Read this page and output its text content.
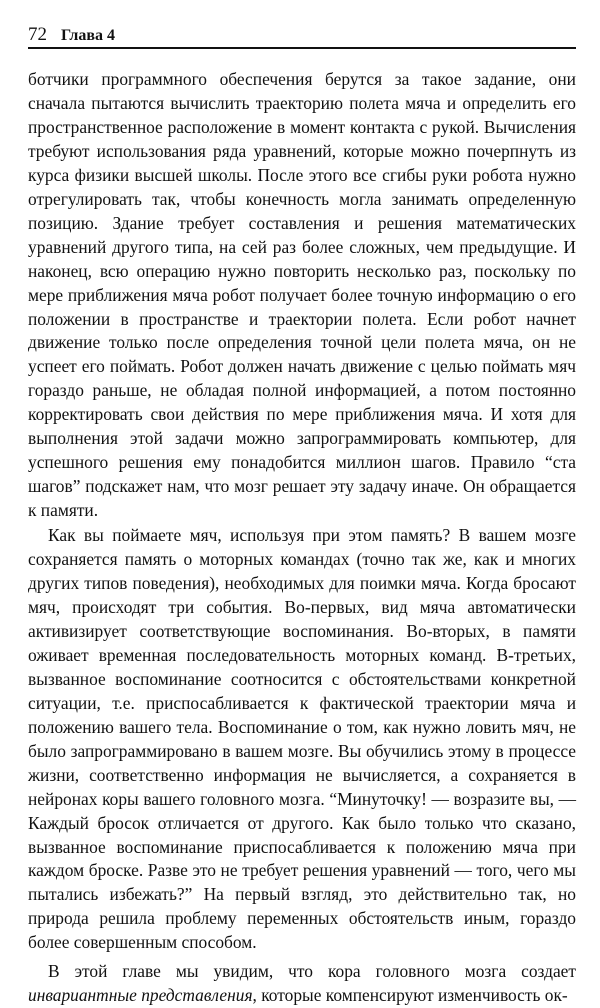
72 Глава 4

ботчики программного обеспечения берутся за такое задание, они сначала пытаются вычислить траекторию полета мяча и определить его пространственное расположение в момент контакта с рукой. Вычисления требуют использования ряда уравнений, которые можно почерпнуть из курса физики высшей школы. После этого все сгибы руки робота нужно отрегулировать так, чтобы конечность могла занимать определенную позицию. Здание требует составления и решения математических уравнений другого типа, на сей раз более сложных, чем предыдущие. И наконец, всю операцию нужно повторить несколько раз, поскольку по мере приближения мяча робот получает более точную информацию о его положении в пространстве и траектории полета. Если робот начнет движение только после определения точной цели полета мяча, он не успеет его поймать. Робот должен начать движение с целью поймать мяч гораздо раньше, не обладая полной информацией, а потом постоянно корректировать свои действия по мере приближения мяча. И хотя для выполнения этой задачи можно запрограммировать компьютер, для успешного решения ему понадобится миллион шагов. Правило “ста шагов” подскажет нам, что мозг решает эту задачу иначе. Он обращается к памяти.

Как вы поймаете мяч, используя при этом память? В вашем мозге сохраняется память о моторных командах (точно так же, как и многих других типов поведения), необходимых для поимки мяча. Когда бросают мяч, происходят три события. Во-первых, вид мяча автоматически активизирует соответствующие воспоминания. Во-вторых, в памяти оживает временная последовательность моторных команд. В-третьих, вызванное воспоминание соотносится с обстоятельствами конкретной ситуации, т.е. приспосабливается к фактической траектории мяча и положению вашего тела. Воспоминание о том, как нужно ловить мяч, не было запрограммировано в вашем мозге. Вы обучились этому в процессе жизни, соответственно информация не вычисляется, а сохраняется в нейронах коры вашего головного мозга. “Минуточку! — возразите вы, — Каждый бросок отличается от другого. Как было только что сказано, вызванное воспоминание приспосабливается к положению мяча при каждом броске. Разве это не требует решения уравнений — того, чего мы пытались избежать?” На первый взгляд, это действительно так, но природа решила проблему переменных обстоятельств иным, гораздо более совершенным способом.

В этой главе мы увидим, что кора головного мозга создает инвариантные представления, которые компенсируют изменчивость ок-
